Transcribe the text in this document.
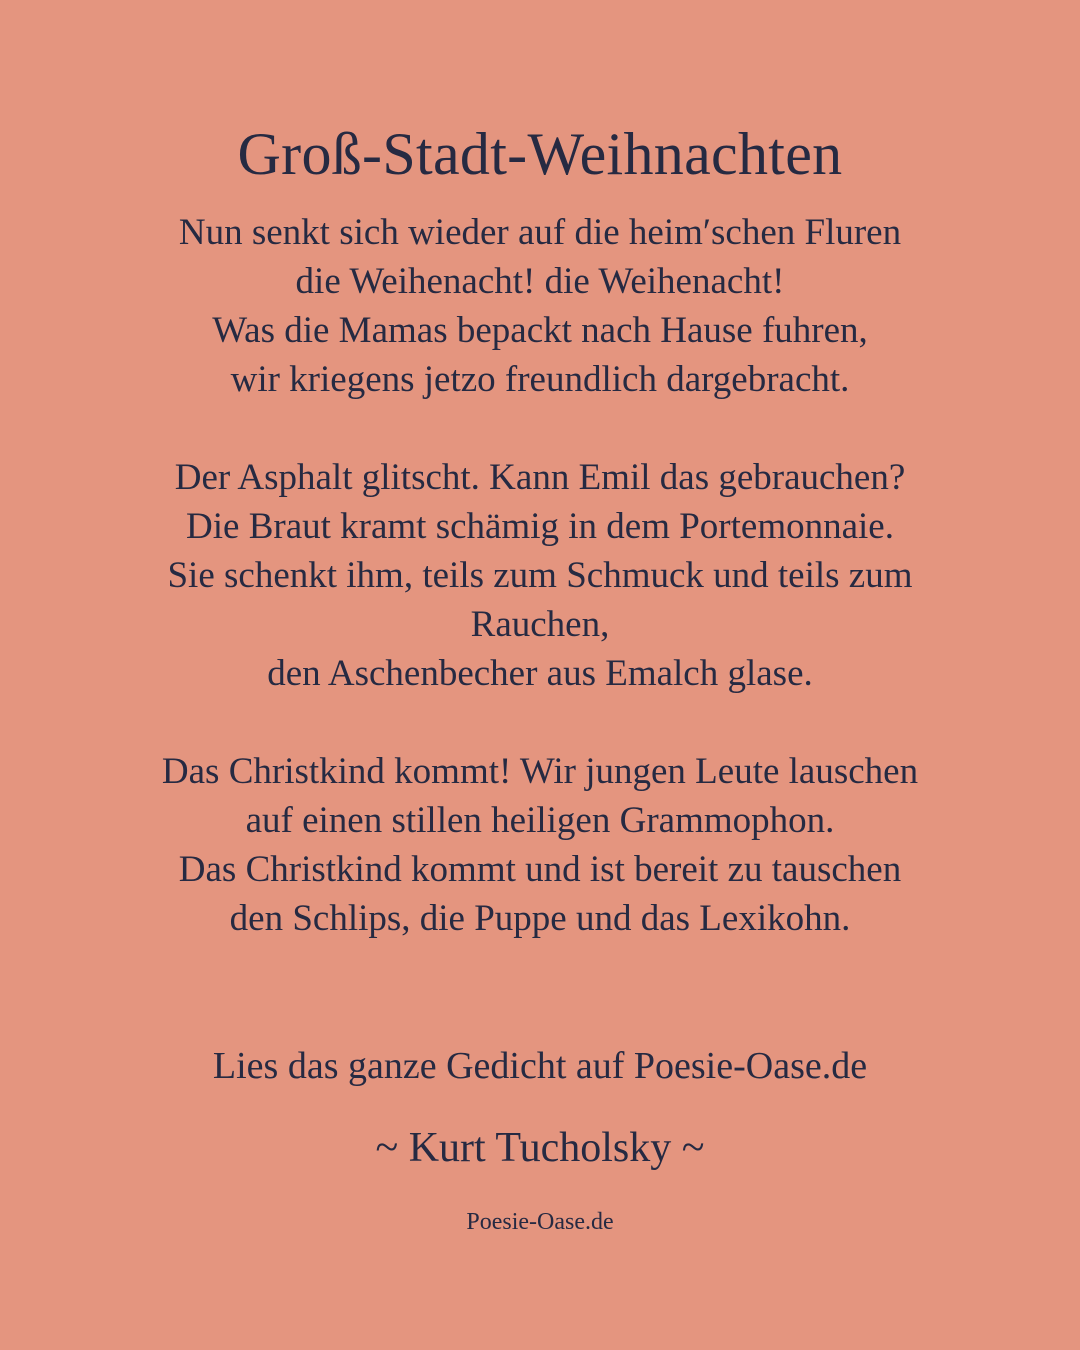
Groß-Stadt-Weihnachten
Nun senkt sich wieder auf die heim′schen Fluren
die Weihenacht! die Weihenacht!
Was die Mamas bepackt nach Hause fuhren,
wir kriegens jetzo freundlich dargebracht.
Der Asphalt glitscht. Kann Emil das gebrauchen?
Die Braut kramt schämig in dem Portemonnaie.
Sie schenkt ihm, teils zum Schmuck und teils zum Rauchen,
den Aschenbecher aus Emalch glase.
Das Christkind kommt! Wir jungen Leute lauschen
auf einen stillen heiligen Grammophon.
Das Christkind kommt und ist bereit zu tauschen
den Schlips, die Puppe und das Lexikohn.
Lies das ganze Gedicht auf Poesie-Oase.de
~ Kurt Tucholsky ~
Poesie-Oase.de
